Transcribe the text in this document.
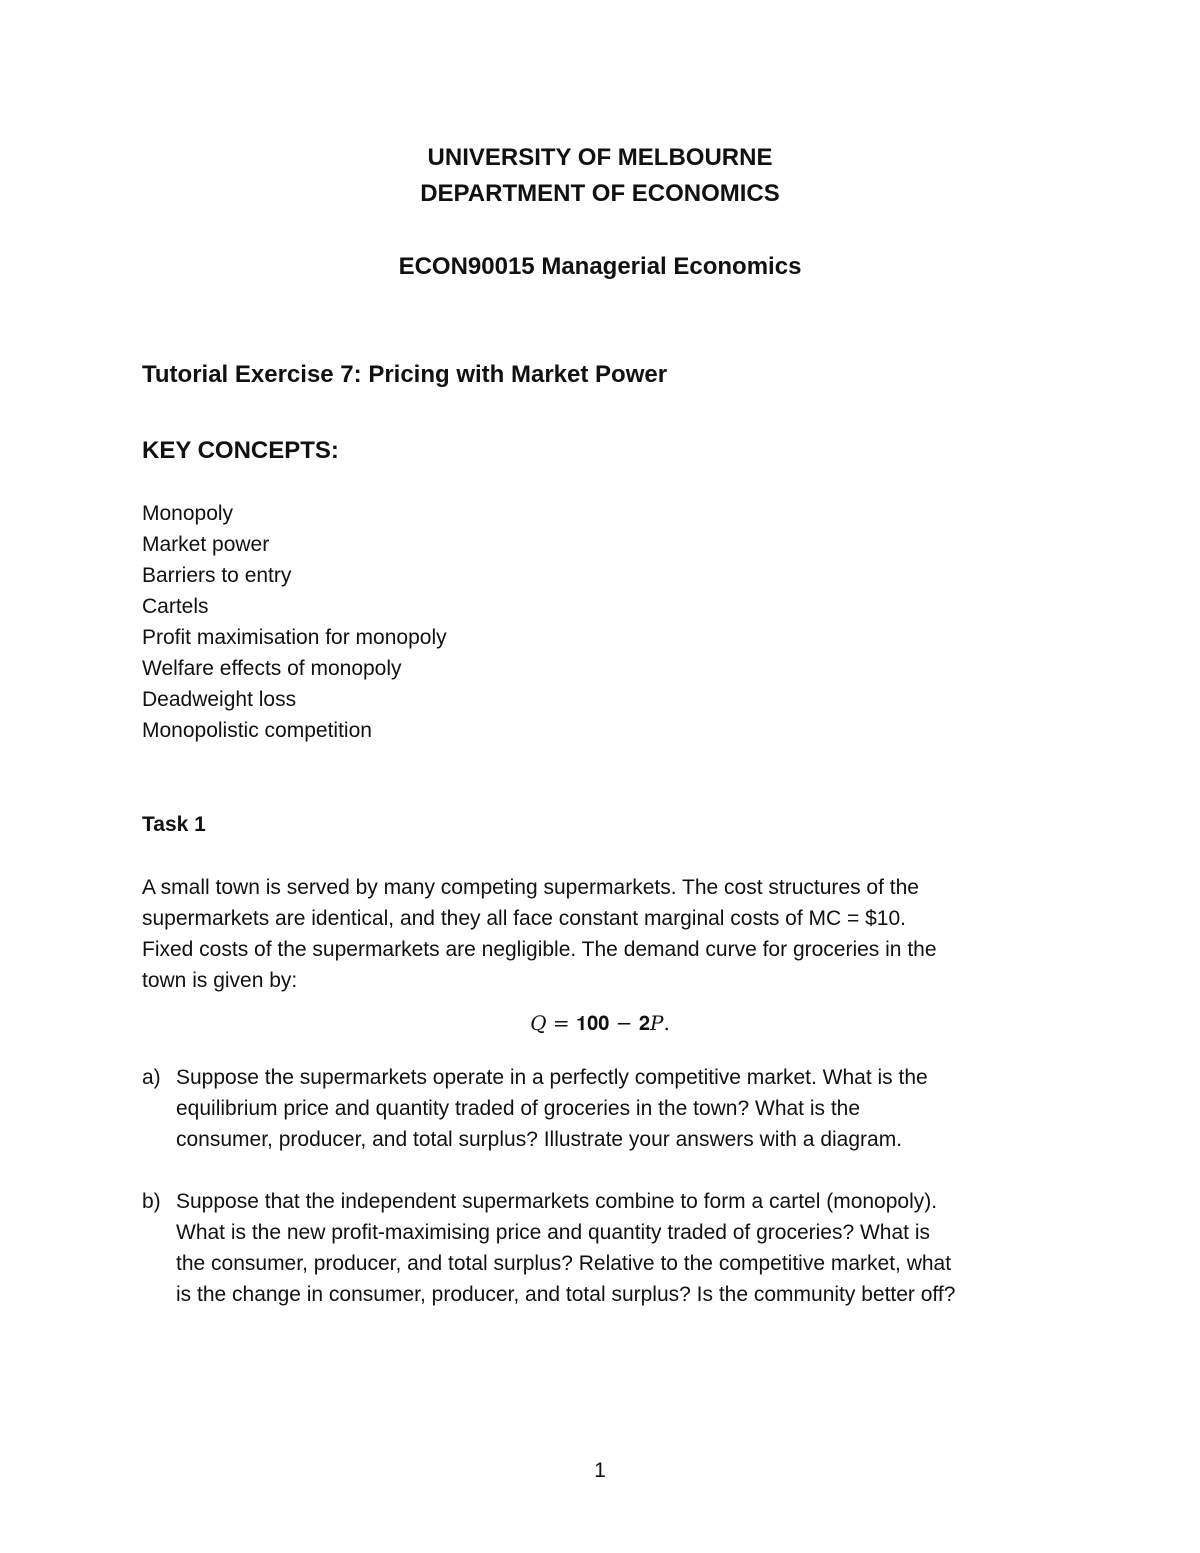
UNIVERSITY OF MELBOURNE
DEPARTMENT OF ECONOMICS
ECON90015 Managerial Economics
Tutorial Exercise 7: Pricing with Market Power
KEY CONCEPTS:
Monopoly
Market power
Barriers to entry
Cartels
Profit maximisation for monopoly
Welfare effects of monopoly
Deadweight loss
Monopolistic competition
Task 1
A small town is served by many competing supermarkets. The cost structures of the
supermarkets are identical, and they all face constant marginal costs of MC = $10.
Fixed costs of the supermarkets are negligible. The demand curve for groceries in the
town is given by:
𝑄 = 𝟏𝟎𝟎 − 𝟐𝑃.
a) Suppose the supermarkets operate in a perfectly competitive market. What is the
equilibrium price and quantity traded of groceries in the town? What is the
consumer, producer, and total surplus? Illustrate your answers with a diagram.
b) Suppose that the independent supermarkets combine to form a cartel (monopoly).
What is the new profit-maximising price and quantity traded of groceries? What is
the consumer, producer, and total surplus? Relative to the competitive market, what
is the change in consumer, producer, and total surplus? Is the community better off?
1
